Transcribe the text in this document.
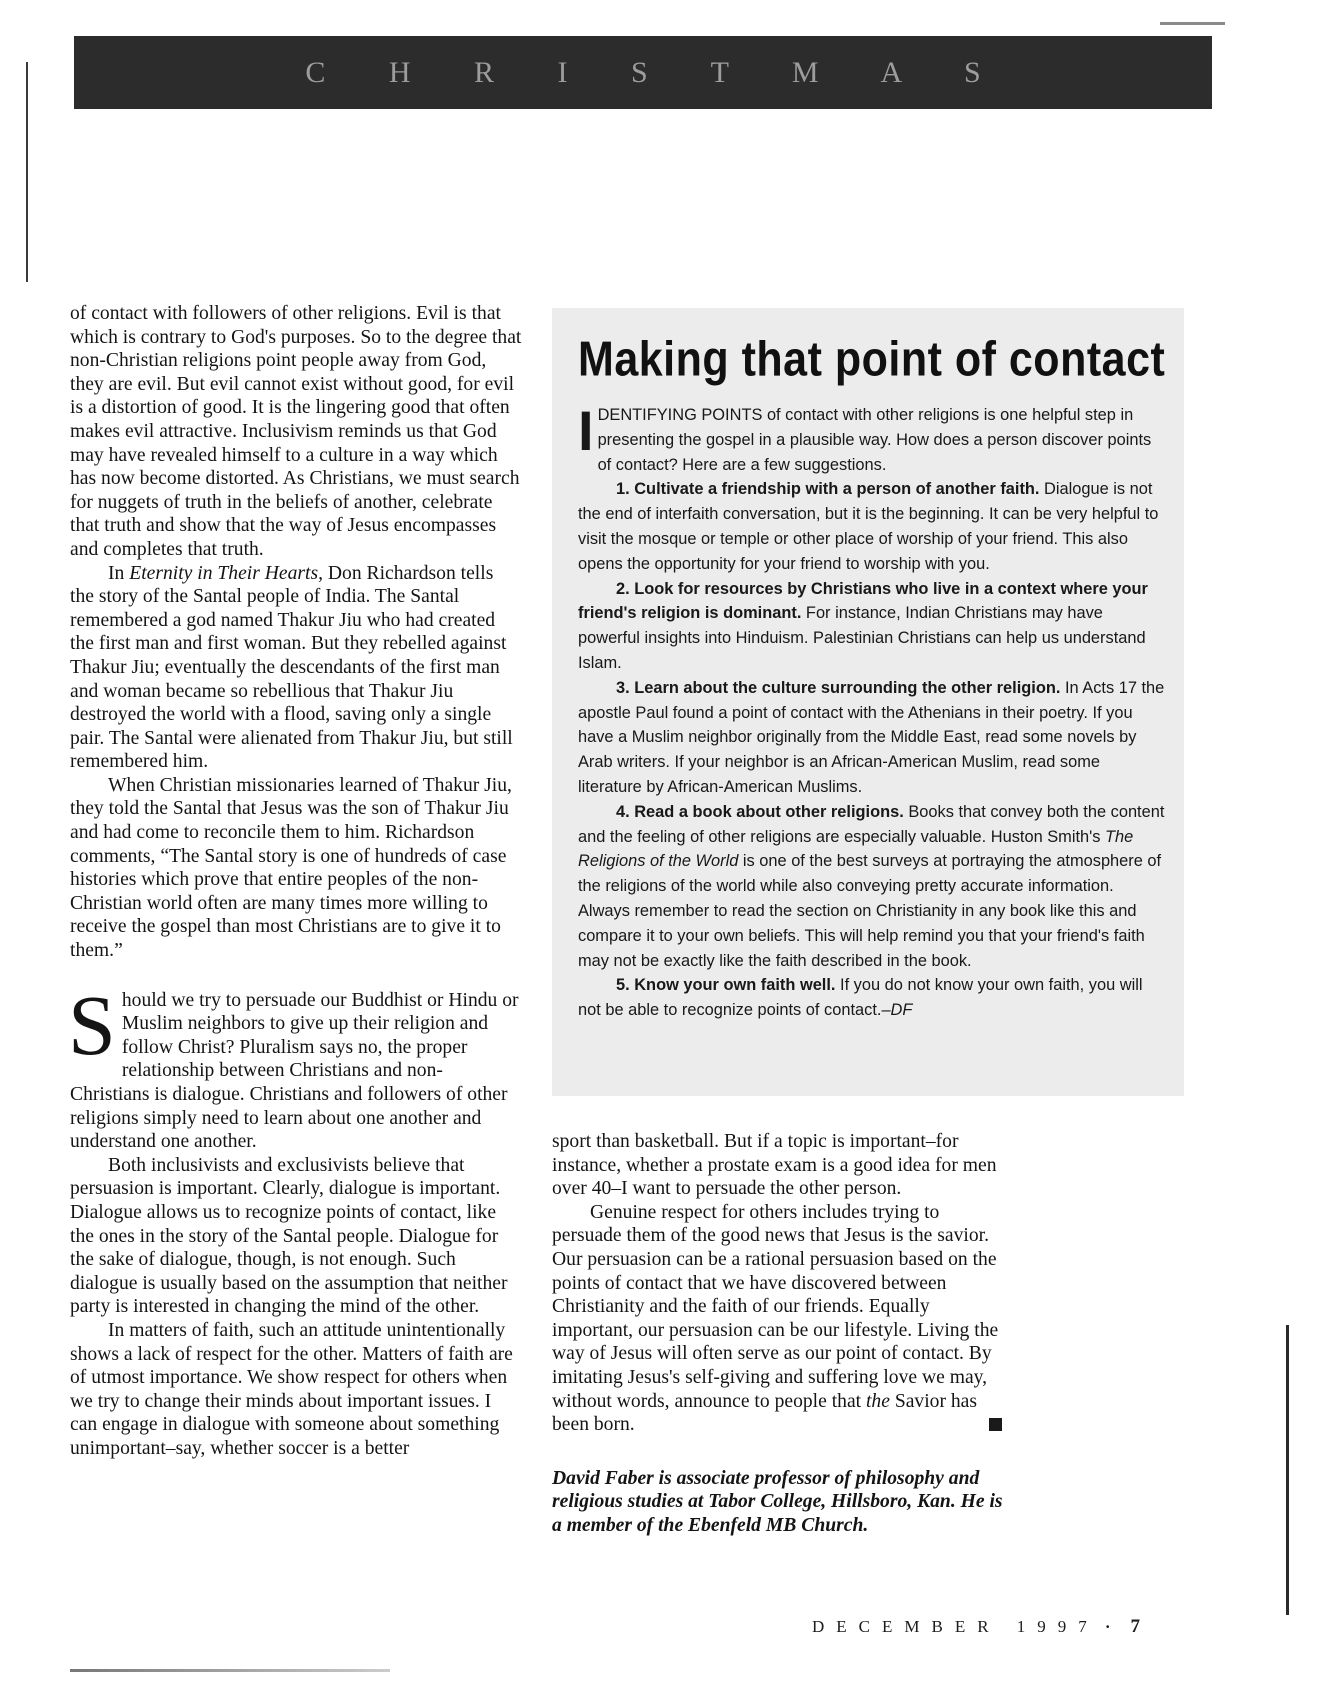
C H R I S T M A S

of contact with followers of other religions. Evil is that which is contrary to God's purposes. So to the degree that non-Christian religions point people away from God, they are evil. But evil cannot exist without good, for evil is a distortion of good. It is the lingering good that often makes evil attractive. Inclusivism reminds us that God may have revealed himself to a culture in a way which has now become distorted. As Christians, we must search for nuggets of truth in the beliefs of another, celebrate that truth and show that the way of Jesus encompasses and completes that truth.

In Eternity in Their Hearts, Don Richardson tells the story of the Santal people of India. The Santal remembered a god named Thakur Jiu who had created the first man and first woman. But they rebelled against Thakur Jiu; eventually the descendants of the first man and woman became so rebellious that Thakur Jiu destroyed the world with a flood, saving only a single pair. The Santal were alienated from Thakur Jiu, but still remembered him.

When Christian missionaries learned of Thakur Jiu, they told the Santal that Jesus was the son of Thakur Jiu and had come to reconcile them to him. Richardson comments, “The Santal story is one of hundreds of case histories which prove that entire peoples of the non-Christian world often are many times more willing to receive the gospel than most Christians are to give it to them.”

Should we try to persuade our Buddhist or Hindu or Muslim neighbors to give up their religion and follow Christ? Pluralism says no, the proper relationship between Christians and non-Christians is dialogue. Christians and followers of other religions simply need to learn about one another and understand one another.

Both inclusivists and exclusivists believe that persuasion is important. Clearly, dialogue is important. Dialogue allows us to recognize points of contact, like the ones in the story of the Santal people. Dialogue for the sake of dialogue, though, is not enough. Such dialogue is usually based on the assumption that neither party is interested in changing the mind of the other.

In matters of faith, such an attitude unintentionally shows a lack of respect for the other. Matters of faith are of utmost importance. We show respect for others when we try to change their minds about important issues. I can engage in dialogue with someone about something unimportant–say, whether soccer is a better

Making that point of contact

IDENTIFYING POINTS of contact with other religions is one helpful step in presenting the gospel in a plausible way. How does a person discover points of contact? Here are a few suggestions.

1. Cultivate a friendship with a person of another faith. Dialogue is not the end of interfaith conversation, but it is the beginning. It can be very helpful to visit the mosque or temple or other place of worship of your friend. This also opens the opportunity for your friend to worship with you.

2. Look for resources by Christians who live in a context where your friend's religion is dominant. For instance, Indian Christians may have powerful insights into Hinduism. Palestinian Christians can help us understand Islam.

3. Learn about the culture surrounding the other religion. In Acts 17 the apostle Paul found a point of contact with the Athenians in their poetry. If you have a Muslim neighbor originally from the Middle East, read some novels by Arab writers. If your neighbor is an African-American Muslim, read some literature by African-American Muslims.

4. Read a book about other religions. Books that convey both the content and the feeling of other religions are especially valuable. Huston Smith's The Religions of the World is one of the best surveys at portraying the atmosphere of the religions of the world while also conveying pretty accurate information. Always remember to read the section on Christianity in any book like this and compare it to your own beliefs. This will help remind you that your friend's faith may not be exactly like the faith described in the book.

5. Know your own faith well. If you do not know your own faith, you will not be able to recognize points of contact.–DF

sport than basketball. But if a topic is important–for instance, whether a prostate exam is a good idea for men over 40–I want to persuade the other person.

Genuine respect for others includes trying to persuade them of the good news that Jesus is the savior. Our persuasion can be a rational persuasion based on the points of contact that we have discovered between Christianity and the faith of our friends. Equally important, our persuasion can be our lifestyle. Living the way of Jesus will often serve as our point of contact. By imitating Jesus's self-giving and suffering love we may, without words, announce to people that the Savior has been born.

David Faber is associate professor of philosophy and religious studies at Tabor College, Hillsboro, Kan. He is a member of the Ebenfeld MB Church.

DECEMBER 1997 · 7
